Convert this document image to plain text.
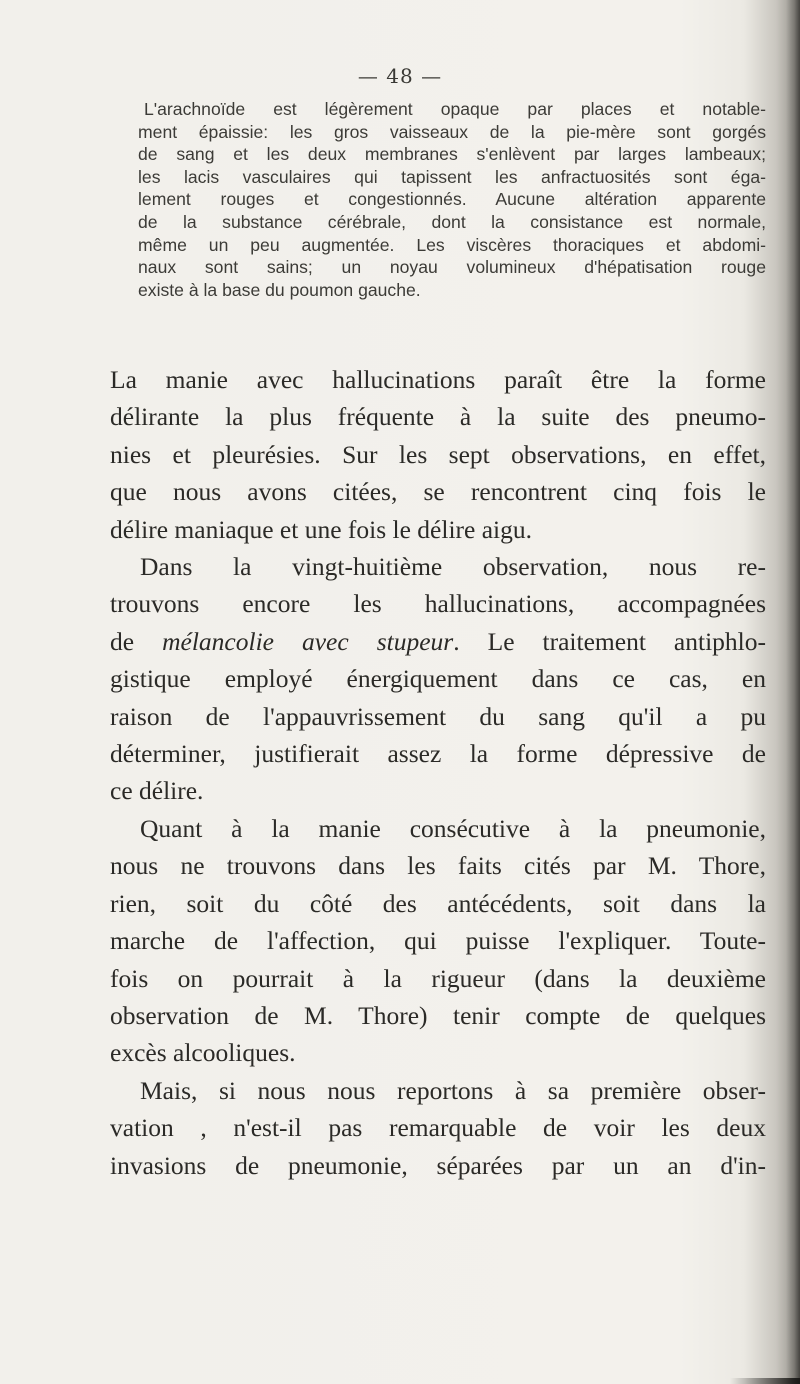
— 48 —

L'arachnoïde est légèrement opaque par places et notable-
ment épaissie: les gros vaisseaux de la pie-mère sont gorgés
de sang et les deux membranes s'enlèvent par larges lambeaux;
les lacis vasculaires qui tapissent les anfractuosités sont éga-
lement rouges et congestionnés. Aucune altération apparente
de la substance cérébrale, dont la consistance est normale,
même un peu augmentée. Les viscères thoraciques et abdomi-
naux sont sains; un noyau volumineux d'hépatisation rouge
existe à la base du poumon gauche.

La manie avec hallucinations paraît être la forme
délirante la plus fréquente à la suite des pneumo-
nies et pleurésies. Sur les sept observations, en effet,
que nous avons citées, se rencontrent cinq fois le
délire maniaque et une fois le délire aigu.
Dans la vingt-huitième observation, nous re-
trouvons encore les hallucinations, accompagnées
de mélancolie avec stupeur. Le traitement antiphlo-
gistique employé énergiquement dans ce cas, en
raison de l'appauvrissement du sang qu'il a pu
déterminer, justifierait assez la forme dépressive de
ce délire.
Quant à la manie consécutive à la pneumonie,
nous ne trouvons dans les faits cités par M. Thore,
rien, soit du côté des antécédents, soit dans la
marche de l'affection, qui puisse l'expliquer. Toute-
fois on pourrait à la rigueur (dans la deuxième
observation de M. Thore) tenir compte de quelques
excès alcooliques.
Mais, si nous nous reportons à sa première obser-
vation , n'est-il pas remarquable de voir les deux
invasions de pneumonie, séparées par un an d'in-
